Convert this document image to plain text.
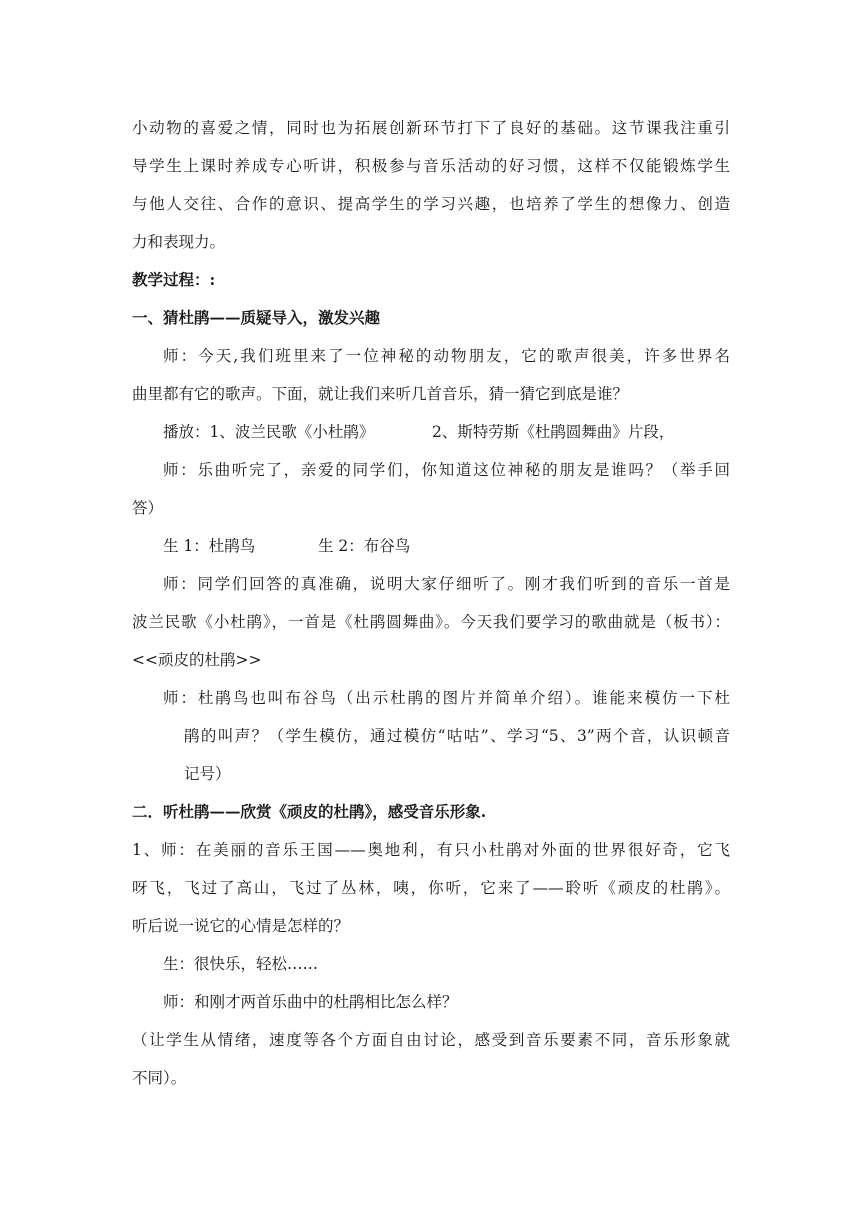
小动物的喜爱之情，同时也为拓展创新环节打下了良好的基础。这节课我注重引
导学生上课时养成专心听讲，积极参与音乐活动的好习惯，这样不仅能锻炼学生
与他人交往、合作的意识、提高学生的学习兴趣，也培养了学生的想像力、创造
力和表现力。
教学过程：:
一、猜杜鹃——质疑导入，激发兴趣
师：今天,我们班里来了一位神秘的动物朋友，它的歌声很美，许多世界名
曲里都有它的歌声。下面，就让我们来听几首音乐，猜一猜它到底是谁？
播放：1、波兰民歌《小杜鹃》	2、斯特劳斯《杜鹃圆舞曲》片段，
师：乐曲听完了，亲爱的同学们，你知道这位神秘的朋友是谁吗？（举手回
答）
生 1：杜鹃鸟	生 2：布谷鸟
师：同学们回答的真准确，说明大家仔细听了。刚才我们听到的音乐一首是
波兰民歌《小杜鹃》，一首是《杜鹃圆舞曲》。今天我们要学习的歌曲就是（板书）：
<<顽皮的杜鹃>>
师：杜鹃鸟也叫布谷鸟（出示杜鹃的图片并简单介绍）。谁能来模仿一下杜
鹃的叫声？（学生模仿，通过模仿“咕咕”、学习“5、3”两个音，认识顿音
记号）
二．听杜鹃——欣赏《顽皮的杜鹃》，感受音乐形象.
1、师：在美丽的音乐王国——奥地利，有只小杜鹃对外面的世界很好奇，它飞
呀飞，飞过了高山，飞过了丛林，咦，你听，它来了——聆听《顽皮的杜鹃》。
听后说一说它的心情是怎样的？
生：很快乐，轻松……
师：和刚才两首乐曲中的杜鹃相比怎么样？
（让学生从情绪，速度等各个方面自由讨论，感受到音乐要素不同，音乐形象就
不同）。
